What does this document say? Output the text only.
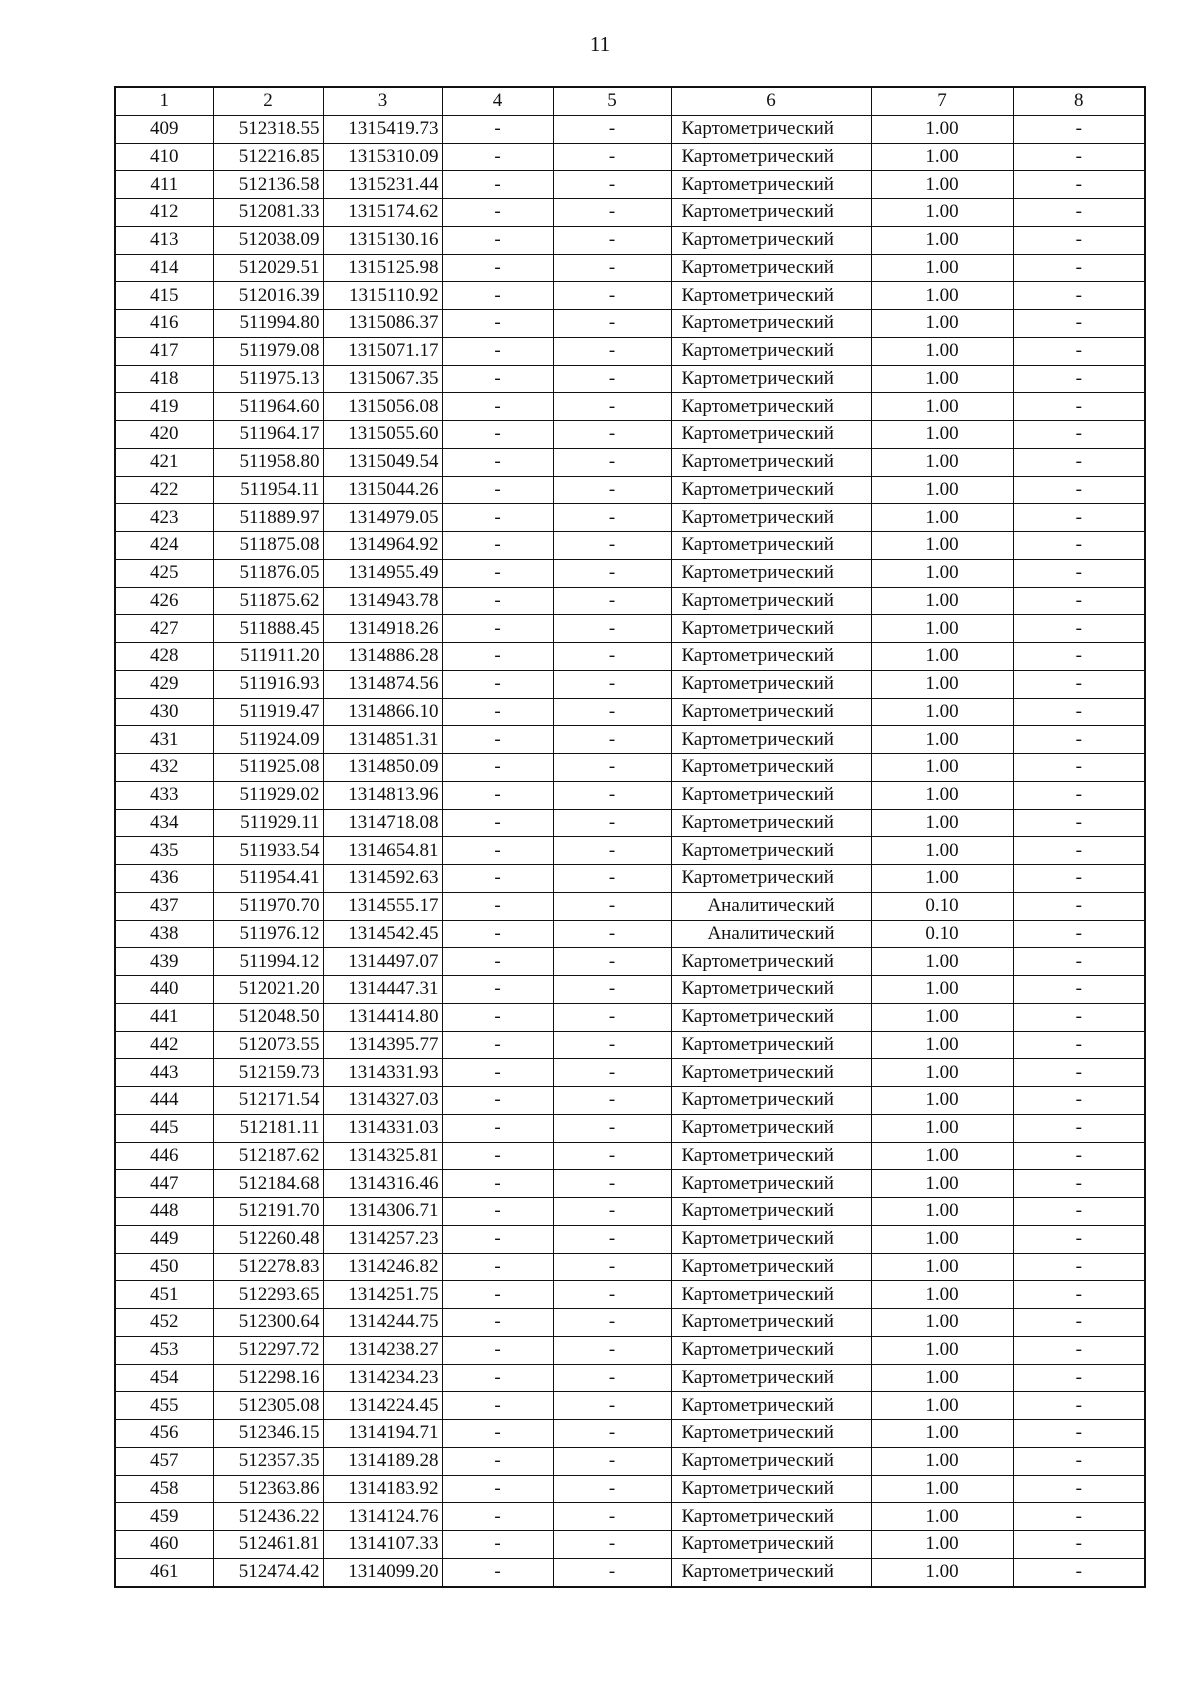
11
1	2	3	4	5	6	7	8
409	512318.55	1315419.73	-	-	Картометрический	1.00	-
410	512216.85	1315310.09	-	-	Картометрический	1.00	-
411	512136.58	1315231.44	-	-	Картометрический	1.00	-
412	512081.33	1315174.62	-	-	Картометрический	1.00	-
413	512038.09	1315130.16	-	-	Картометрический	1.00	-
414	512029.51	1315125.98	-	-	Картометрический	1.00	-
415	512016.39	1315110.92	-	-	Картометрический	1.00	-
416	511994.80	1315086.37	-	-	Картометрический	1.00	-
417	511979.08	1315071.17	-	-	Картометрический	1.00	-
418	511975.13	1315067.35	-	-	Картометрический	1.00	-
419	511964.60	1315056.08	-	-	Картометрический	1.00	-
420	511964.17	1315055.60	-	-	Картометрический	1.00	-
421	511958.80	1315049.54	-	-	Картометрический	1.00	-
422	511954.11	1315044.26	-	-	Картометрический	1.00	-
423	511889.97	1314979.05	-	-	Картометрический	1.00	-
424	511875.08	1314964.92	-	-	Картометрический	1.00	-
425	511876.05	1314955.49	-	-	Картометрический	1.00	-
426	511875.62	1314943.78	-	-	Картометрический	1.00	-
427	511888.45	1314918.26	-	-	Картометрический	1.00	-
428	511911.20	1314886.28	-	-	Картометрический	1.00	-
429	511916.93	1314874.56	-	-	Картометрический	1.00	-
430	511919.47	1314866.10	-	-	Картометрический	1.00	-
431	511924.09	1314851.31	-	-	Картометрический	1.00	-
432	511925.08	1314850.09	-	-	Картометрический	1.00	-
433	511929.02	1314813.96	-	-	Картометрический	1.00	-
434	511929.11	1314718.08	-	-	Картометрический	1.00	-
435	511933.54	1314654.81	-	-	Картометрический	1.00	-
436	511954.41	1314592.63	-	-	Картометрический	1.00	-
437	511970.70	1314555.17	-	-	Аналитический	0.10	-
438	511976.12	1314542.45	-	-	Аналитический	0.10	-
439	511994.12	1314497.07	-	-	Картометрический	1.00	-
440	512021.20	1314447.31	-	-	Картометрический	1.00	-
441	512048.50	1314414.80	-	-	Картометрический	1.00	-
442	512073.55	1314395.77	-	-	Картометрический	1.00	-
443	512159.73	1314331.93	-	-	Картометрический	1.00	-
444	512171.54	1314327.03	-	-	Картометрический	1.00	-
445	512181.11	1314331.03	-	-	Картометрический	1.00	-
446	512187.62	1314325.81	-	-	Картометрический	1.00	-
447	512184.68	1314316.46	-	-	Картометрический	1.00	-
448	512191.70	1314306.71	-	-	Картометрический	1.00	-
449	512260.48	1314257.23	-	-	Картометрический	1.00	-
450	512278.83	1314246.82	-	-	Картометрический	1.00	-
451	512293.65	1314251.75	-	-	Картометрический	1.00	-
452	512300.64	1314244.75	-	-	Картометрический	1.00	-
453	512297.72	1314238.27	-	-	Картометрический	1.00	-
454	512298.16	1314234.23	-	-	Картометрический	1.00	-
455	512305.08	1314224.45	-	-	Картометрический	1.00	-
456	512346.15	1314194.71	-	-	Картометрический	1.00	-
457	512357.35	1314189.28	-	-	Картометрический	1.00	-
458	512363.86	1314183.92	-	-	Картометрический	1.00	-
459	512436.22	1314124.76	-	-	Картометрический	1.00	-
460	512461.81	1314107.33	-	-	Картометрический	1.00	-
461	512474.42	1314099.20	-	-	Картометрический	1.00	-
